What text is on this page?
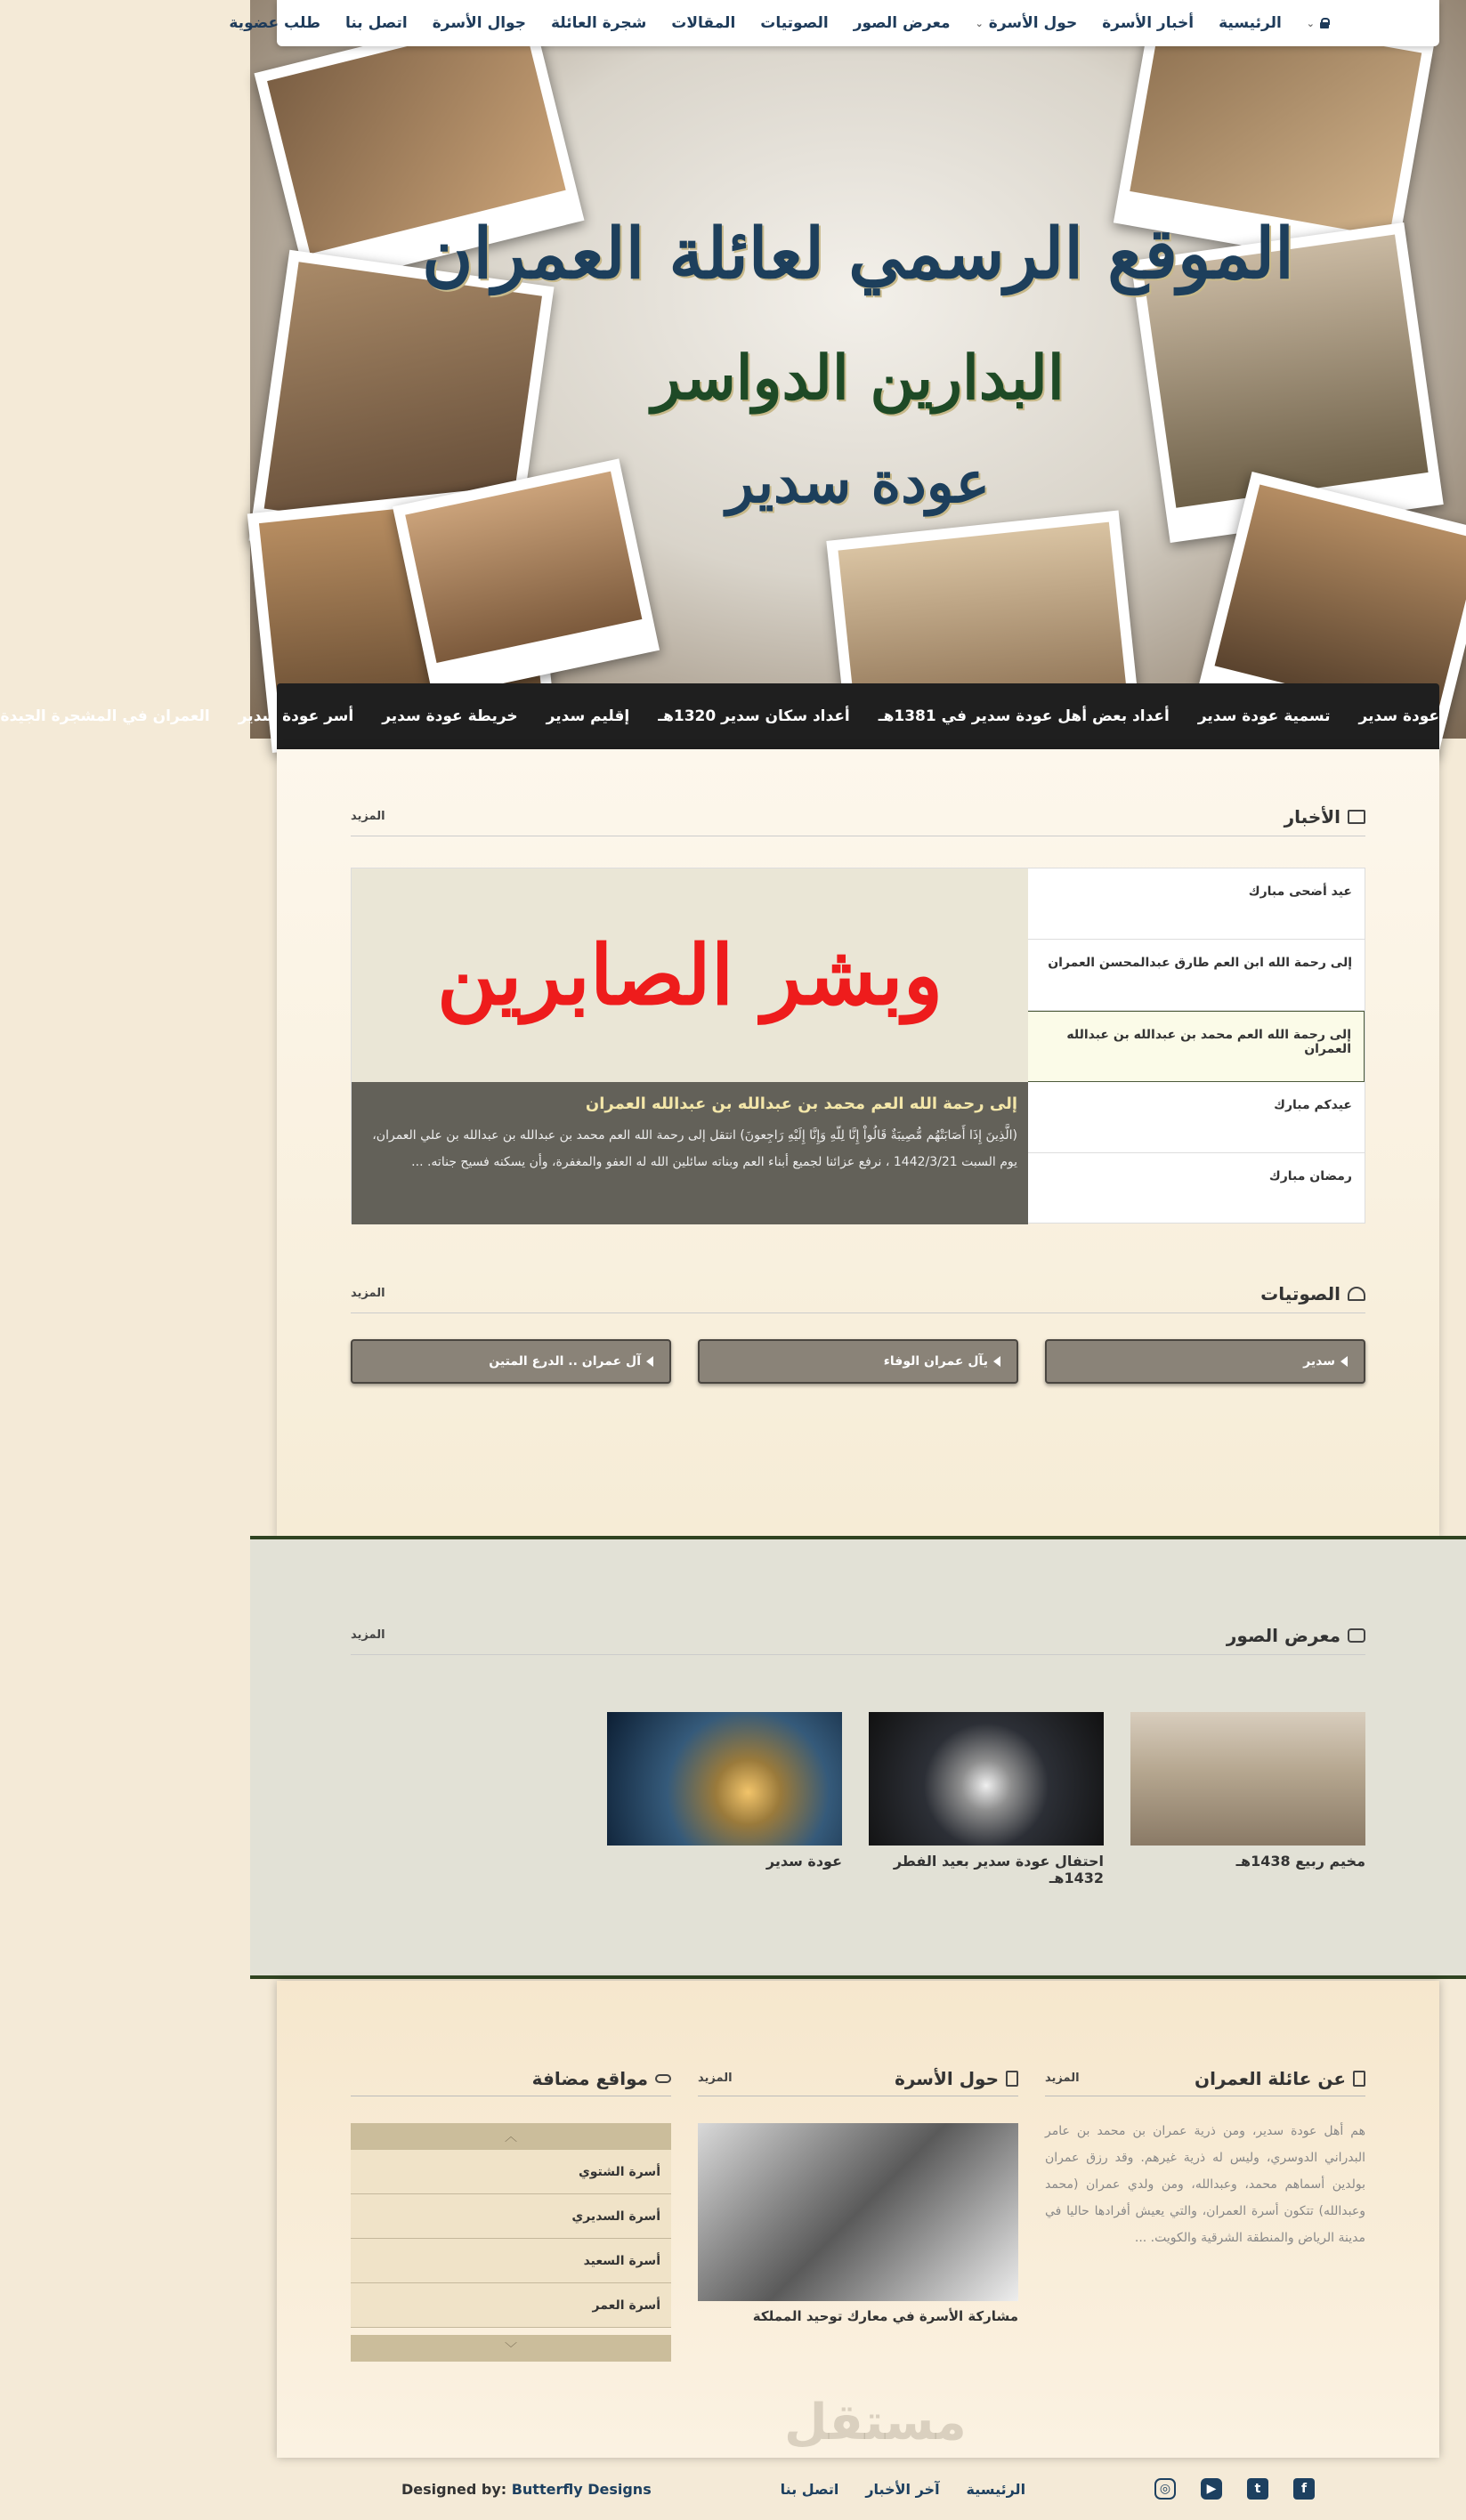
الموقع الرسمي لعائلة العمران
البدارين الدواسر
عودة سدير
⌄
الرئيسية
أخبار الأسرة
حول الأسرة
⌄
معرض الصور
الصوتيات
المقالات
شجرة العائلة
جوال الأسرة
اتصل بنا
طلب عضوية
عودة سدير
تسمية عودة سدير
أعداد بعض أهل عودة سدير في 1381هـ
أعداد سكان سدير 1320هـ
إقليم سدير
خريطة عودة سدير
أسر عودة سدير
العمران في المشجرة الجيدة
الأخبار
المزيد
عيد أضحى مبارك
إلى رحمة الله ابن العم طارق عبدالمحسن العمران
إلى رحمة الله العم محمد بن عبدالله بن عبدالله العمران
عيدكم مبارك
رمضان مبارك
وبشر الصابرين
إلى رحمة الله العم محمد بن عبدالله بن عبدالله العمران

(الَّذِينَ إِذَا أَصَابَتْهُم مُّصِيبَةٌ قَالُواْ إِنَّا لِلّهِ وَإِنَّا إِلَيْهِ رَاجِعونَ) انتقل إلى رحمة الله العم محمد بن عبدالله بن عبدالله بن علي العمران، يوم السبت 1442/3/21 ، نرفع عزائنا لجميع أبناء العم وبناته سائلين الله له العفو والمغفرة، وأن يسكنه فسيح جناته. ...

الصوتيات
المزيد
سدير
يآل عمران الوفاء
آل عمران .. الدرع المتين
معرض الصور
المزيد
مخيم ربيع 1438هـ
احتفال عودة سدير بعيد الفطر 1432هـ
عودة سدير
عن عائلة العمران
المزيد

هم أهل عودة سدير، ومن ذرية عمران بن محمد بن عامر البدراني الدوسري، وليس له ذرية غيرهم. وقد رزق عمران بولدين أسماهم محمد، وعبدالله، ومن ولدي عمران (محمد وعبدالله) تتكون أسرة العمران، والتي يعيش أفرادها حاليا في مدينة الرياض والمنطقة الشرقية والكويت. ...

حول الأسرة
المزيد
مشاركة الأسرة في معارك توحيد المملكة
مواقع مضافة
︿
أسرة الشتوي
أسرة السديري
أسرة السعيد
أسرة العمر
﹀
مستقل
f
t
▶
◎
الرئيسية
آخر الأخبار
اتصل بنا
Designed by: Butterfly Designs
